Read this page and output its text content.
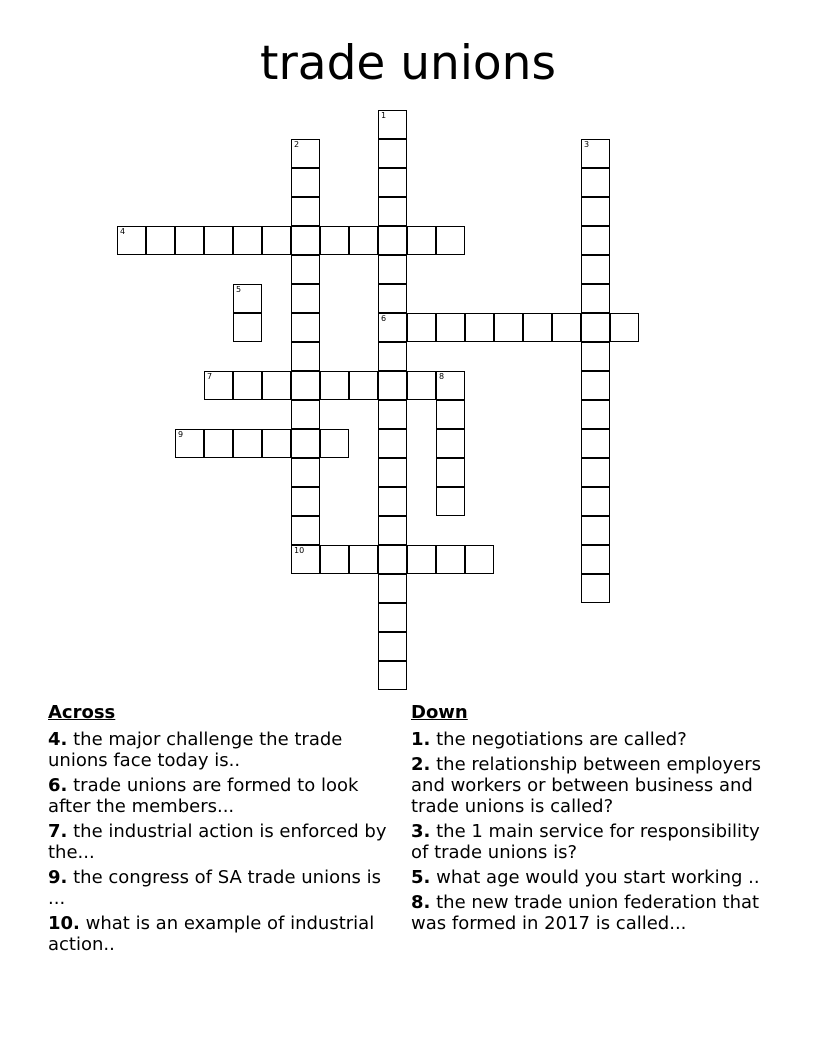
trade unions
1
6
2
10
3
4
5
7	8
9
Across
4. the major challenge the trade unions face today is..
6. trade unions are formed to look after the members...
7. the industrial action is enforced by the...
9. the congress of SA trade unions is ...
10. what is an example of industrial action..
Down
1. the negotiations are called?
2. the relationship between employers and workers or between business and trade unions is called?
3. the 1 main service for responsibility of trade unions is?
5. what age would you start working ..
8. the new trade union federation that was formed in 2017 is called...
